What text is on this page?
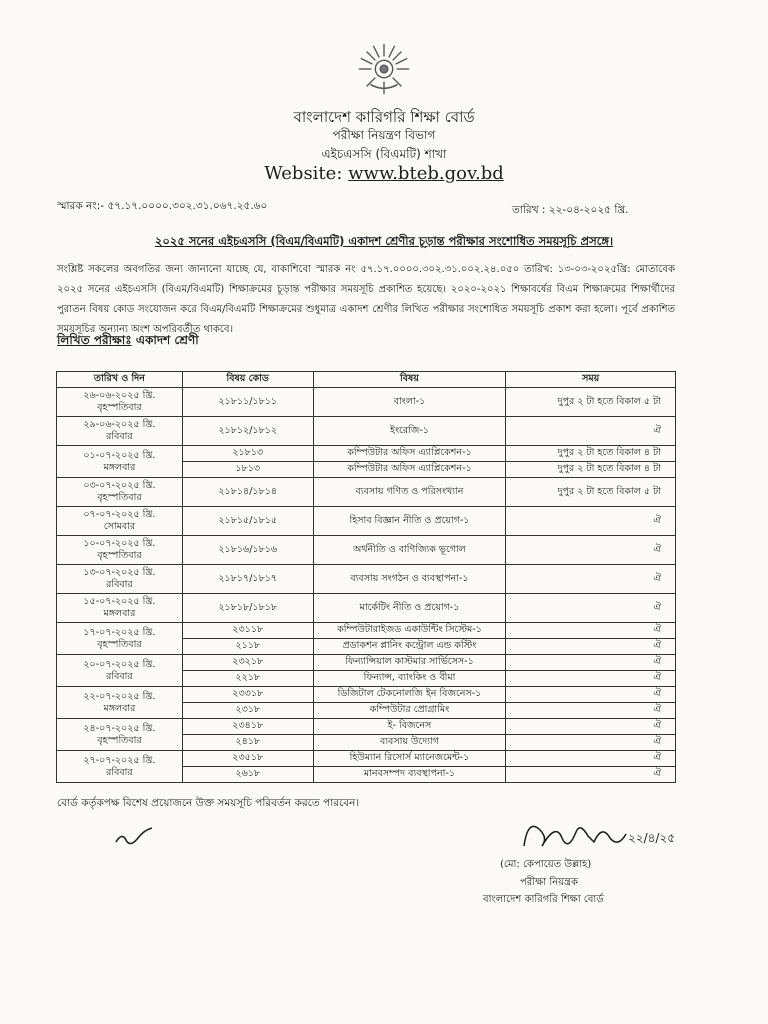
বাংলাদেশ কারিগরি শিক্ষা বোর্ড
পরীক্ষা নিয়ন্ত্রণ বিভাগ
এইচএসসি (বিএমটি) শাখা
Website: www.bteb.gov.bd
স্মারক নং:- ৫৭.১৭.০০০০.৩০২.৩১.০৬৭.২৫.৬০	তারিখ : ২২-০৪-২০২৫ খ্রি.
২০২৫ সনের এইচএসসি (বিএম/বিএমটি) একাদশ শ্রেণীর চূড়ান্ত পরীক্ষার সংশোধিত সময়সূচি প্রসঙ্গে।
সংশ্লিষ্ট সকলের অবগতির জন্য জানানো যাচ্ছে যে, বাকাশিবো স্মারক নং ৫৭.১৭.০০০০.৩০২.৩১.০০২.২৪.০৫০ তারিখ: ১৩-০৩-২০২৫খ্রি: মোতাবেক ২০২৫ সনের এইচএসসি (বিএম/বিএমটি) শিক্ষাক্রমের চূড়ান্ত পরীক্ষার সময়সূচি প্রকাশিত হয়েছে। ২০২০-২০২১ শিক্ষাবর্ষের বিএম শিক্ষাক্রমের শিক্ষার্থীদের পুরাতন বিষয় কোড সংযোজন করে বিএম/বিএমটি শিক্ষাক্রমের শুধুমাত্র একাদশ শ্রেণীর লিখিত পরীক্ষার সংশোধিত সময়সূচি প্রকাশ করা হলো। পূর্বে প্রকাশিত সময়সূচির অন্যান্য অংশ অপরিবর্তীত থাকবে।
লিখিত পরীক্ষাঃ একাদশ শ্রেণী
তারিখ ও দিন	বিষয় কোড	বিষয়	সময়

২৬-০৬-২০২৫ খ্রি.
বৃহস্পতিবার	২১৮১১/১৮১১	বাংলা-১	দুপুর ২ টা হতে বিকাল ৫ টা

২৯-০৬-২০২৫ খ্রি.
রবিবার	২১৮১২/১৮১২	ইংরেজি-১	ঐ

০১-০৭-২০২৫ খ্রি.
মঙ্গলবার	২১৮১৩	কম্পিউটার অফিস এ্যাপ্লিকেশন-১	দুপুর ২ টা হতে বিকাল ৪ টা
	১৮১৩	কম্পিউটার অফিস এ্যাপ্লিকেশন-১	দুপুর ২ টা হতে বিকাল ৪ টা

০৩-০৭-২০২৫ খ্রি.
বৃহস্পতিবার	২১৮১৪/১৮১৪	ব্যবসায় গণিত ও পরিসংখ্যান	দুপুর ২ টা হতে বিকাল ৫ টা

০৭-০৭-২০২৫ খ্রি.
সোমবার	২১৮১৫/১৮১৫	হিসাব বিজ্ঞান নীতি ও প্রয়োগ-১	ঐ

১০-০৭-২০২৫ খ্রি.
বৃহস্পতিবার	২১৮১৬/১৮১৬	অর্থনীতি ও বাণিজ্যিক ভূগোল	ঐ

১৩-০৭-২০২৫ খ্রি.
রবিবার	২১৮১৭/১৮১৭	ব্যবসায় সংগঠন ও ব্যবস্থাপনা-১	ঐ

১৫-০৭-২০২৫ খ্রি.
মঙ্গলবার	২১৮১৮/১৮১৮	মার্কেটিং নীতি ও প্রয়োগ-১	ঐ

১৭-০৭-২০২৫ খ্রি.
বৃহস্পতিবার	২৩১১৮	কম্পিউটারাইজড একাউন্টিং সিস্টেম-১	ঐ
	২১১৮	প্রডাকশন প্লানিং কন্ট্রোল এন্ড কস্টিং	ঐ

২০-০৭-২০২৫ খ্রি.
রবিবার	২৩২১৮	ফিন্যান্সিয়াল কাস্টমার সার্ভিসেস-১	ঐ
	২২১৮	ফিন্যান্স, ব্যাংকিং ও বীমা	ঐ

২২-০৭-২০২৫ খ্রি.
মঙ্গলবার	২৩৩১৮	ডিজিটাল টেকনোলজি ইন বিজনেস-১	ঐ
	২৩১৮	কম্পিউটার প্রোগ্রামিং	ঐ

২৪-০৭-২০২৫ খ্রি.
বৃহস্পতিবার	২৩৪১৮	ই- বিজনেস	ঐ
	২৪১৮	ব্যবসায় উদ্যোগ	ঐ

২৭-০৭-২০২৫ খ্রি.
রবিবার	২৩৫১৮	হিউম্যান রিসোর্স ম্যানেজমেন্ট-১	ঐ
	২৬১৮	মানবসম্পদ ব্যবস্থাপনা-১	ঐ
বোর্ড কর্তৃকপক্ষ বিশেষ প্রয়োজনে উক্ত সময়সূচি পরিবর্তন করতে পারবেন।
২২/৪/২৫
(মো: কেপায়েত উল্লাহ)
পরীক্ষা নিয়ন্ত্রক
বাংলাদেশ কারিগরি শিক্ষা বোর্ড
